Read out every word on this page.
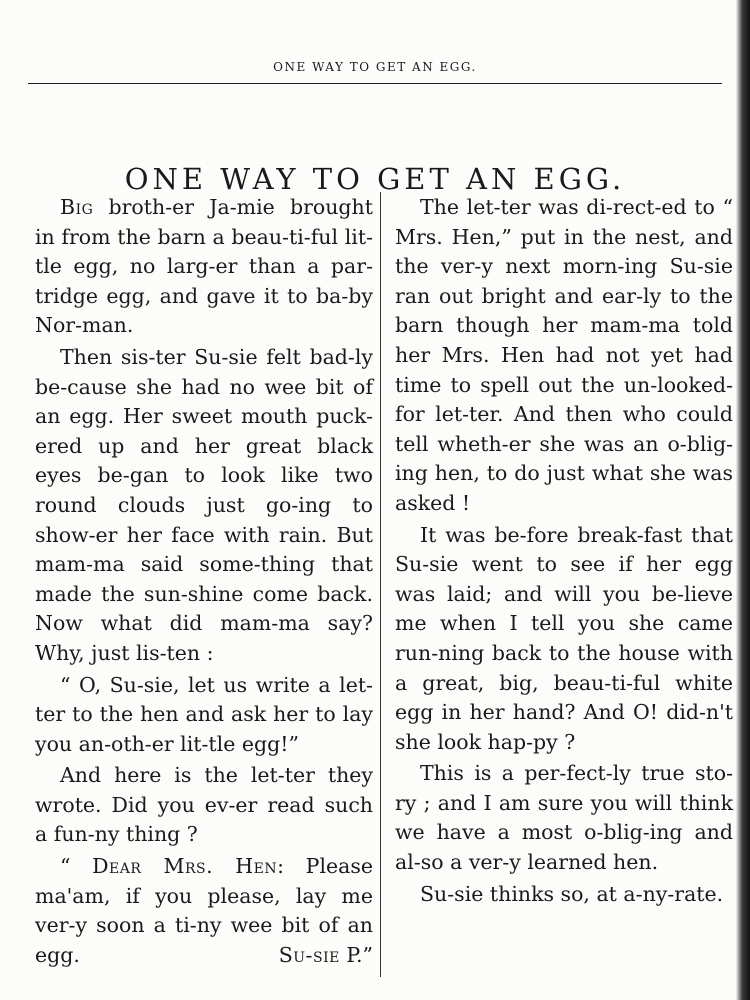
ONE WAY TO GET AN EGG.
ONE WAY TO GET AN EGG.

Big broth-er Ja-mie brought in from the barn a beau-ti-ful lit-tle egg, no larg-er than a par-tridge egg, and gave it to ba-by Nor-man.

Then sis-ter Su-sie felt bad-ly be-cause she had no wee bit of an egg. Her sweet mouth puck-ered up and her great black eyes be-gan to look like two round clouds just go-ing to show-er her face with rain. But mam-ma said some-thing that made the sun-shine come back. Now what did mam-ma say? Why, just lis-ten :

“ O, Su-sie, let us write a let-ter to the hen and ask her to lay you an-oth-er lit-tle egg!”

And here is the let-ter they wrote. Did you ev-er read such a fun-ny thing ?

“ Dear Mrs. Hen: Please ma'am, if you please, lay me ver-y soon a ti-ny wee bit of an egg.	Su-sie P.”

The let-ter was di-rect-ed to “ Mrs. Hen,” put in the nest, and the ver-y next morn-ing Su-sie ran out bright and ear-ly to the barn though her mam-ma told her Mrs. Hen had not yet had time to spell out the un-looked-for let-ter. And then who could tell wheth-er she was an o-blig-ing hen, to do just what she was asked !

It was be-fore break-fast that Su-sie went to see if her egg was laid; and will you be-lieve me when I tell you she came run-ning back to the house with a great, big, beau-ti-ful white egg in her hand? And O! did-n't she look hap-py ?

This is a per-fect-ly true sto-ry ; and I am sure you will think we have a most o-blig-ing and al-so a ver-y learned hen.

Su-sie thinks so, at a-ny-rate.
